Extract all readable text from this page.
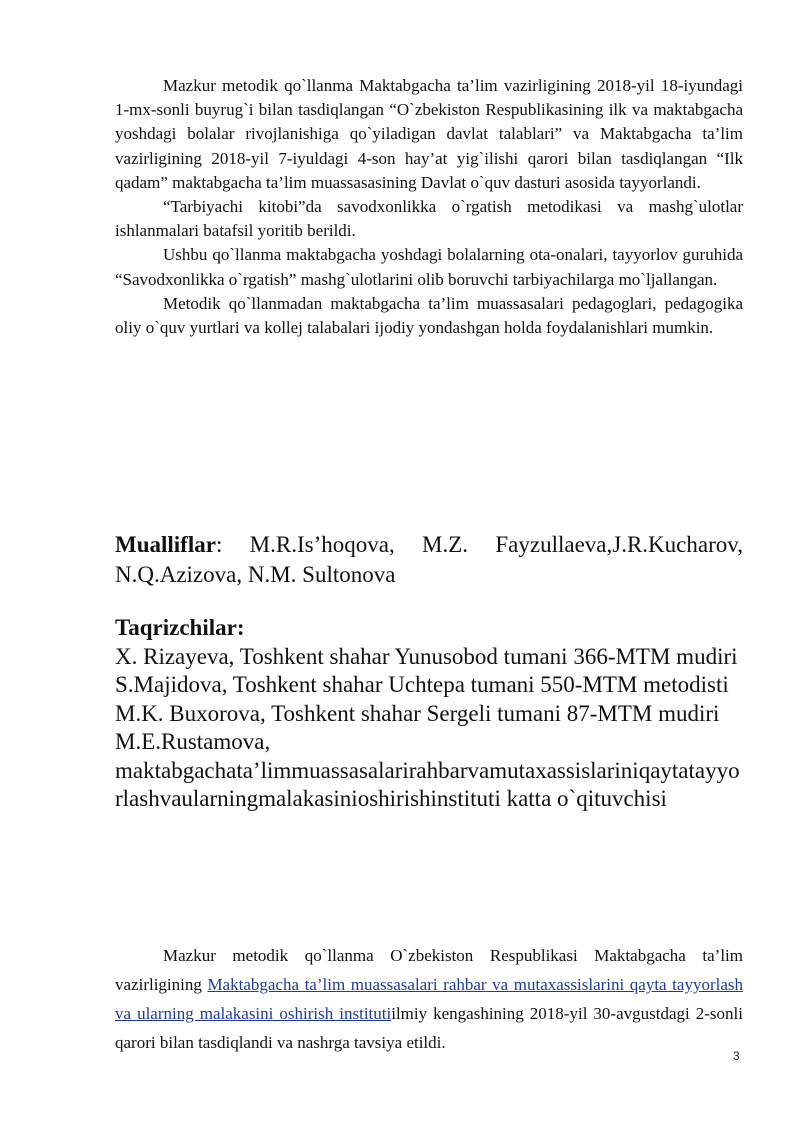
Mazkur metodik qo`llanma Maktabgacha ta’lim vazirligining 2018-yil 18-iyundagi 1-mx-sonli buyrug`i bilan tasdiqlangan “O`zbekiston Respublikasining ilk va maktabgacha yoshdagi bolalar rivojlanishiga qo`yiladigan davlat talablari” va Maktabgacha ta’lim vazirligining 2018-yil 7-iyuldagi 4-son hay’at yig`ilishi qarori bilan tasdiqlangan “Ilk qadam” maktabgacha ta’lim muassasasining Davlat o`quv dasturi asosida tayyorlandi.

“Tarbiyachi kitobi”da savodxonlikka o`rgatish metodikasi va mashg`ulotlar ishlanmalari batafsil yoritib berildi.

Ushbu qo`llanma maktabgacha yoshdagi bolalarning ota-onalari, tayyorlov guruhida “Savodxonlikka o`rgatish” mashg`ulotlarini olib boruvchi tarbiyachilarga mo`ljallangan.

Metodik qo`llanmadan maktabgacha ta’lim muassasalari pedagoglari, pedagogika oliy o`quv yurtlari va kollej talabalari ijodiy yondashgan holda foydalanishlari mumkin.

Mualliflar: M.R.Is’hoqova, M.Z. Fayzullaeva,J.R.Kucharov, N.Q.Azizova, N.M. Sultonova

Taqrizchilar:

X. Rizayeva, Toshkent shahar Yunusobod tumani 366-MTM mudiri

S.Majidova, Toshkent shahar Uchtepa tumani 550-MTM metodisti

M.K. Buxorova, Toshkent shahar Sergeli tumani 87-MTM mudiri

M.E.Rustamova,

maktabgachata’limmuassasalarirahbarvamutaxassislariniqaytatayyorlashvaularningmalakasinioshirishinstituti katta o`qituvchisi

Mazkur metodik qo`llanma O`zbekiston Respublikasi Maktabgacha ta’lim vazirligining Maktabgacha ta’lim muassasalari rahbar va mutaxassislarini qayta tayyorlash va ularning malakasini oshirish institutiilmiy kengashining 2018-yil 30-avgustdagi 2-sonli qarori bilan tasdiqlandi va nashrga tavsiya etildi.

3
